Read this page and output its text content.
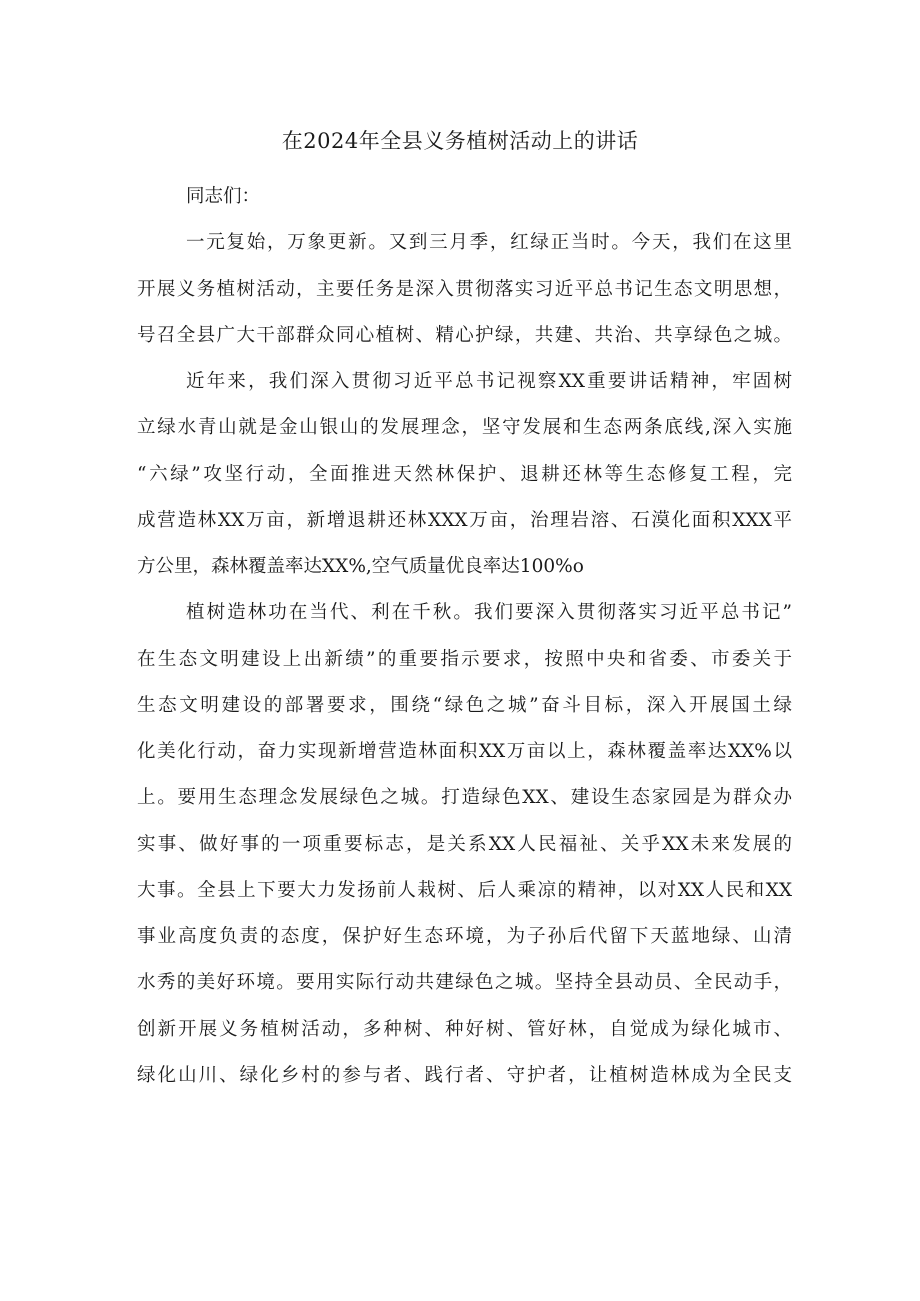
在2024年全县义务植树活动上的讲话

同志们：

一元复始，万象更新。又到三月季，红绿正当时。今天，我们在这里

开展义务植树活动，主要任务是深入贯彻落实习近平总书记生态文明思想，

号召全县广大干部群众同心植树、精心护绿，共建、共治、共享绿色之城。

近年来，我们深入贯彻习近平总书记视察XX重要讲话精神，牢固树

立绿水青山就是金山银山的发展理念，坚守发展和生态两条底线,深入实施

“六绿”攻坚行动，全面推进天然林保护、退耕还林等生态修复工程，完

成营造林XX万亩，新增退耕还林XXX万亩，治理岩溶、石漠化面积XXX平

方公里，森林覆盖率达XX%,空气质量优良率达100%o

植树造林功在当代、利在千秋。我们要深入贯彻落实习近平总书记”

在生态文明建设上出新绩”的重要指示要求，按照中央和省委、市委关于

生态文明建设的部署要求，围绕“绿色之城”奋斗目标，深入开展国土绿

化美化行动，奋力实现新增营造林面积XX万亩以上，森林覆盖率达XX%以

上。要用生态理念发展绿色之城。打造绿色XX、建设生态家园是为群众办

实事、做好事的一项重要标志，是关系XX人民福祉、关乎XX未来发展的

大事。全县上下要大力发扬前人栽树、后人乘凉的精神，以对XX人民和XX

事业高度负责的态度，保护好生态环境，为子孙后代留下天蓝地绿、山清

水秀的美好环境。要用实际行动共建绿色之城。坚持全县动员、全民动手，

创新开展义务植树活动，多种树、种好树、管好林，自觉成为绿化城市、

绿化山川、绿化乡村的参与者、践行者、守护者，让植树造林成为全民支
